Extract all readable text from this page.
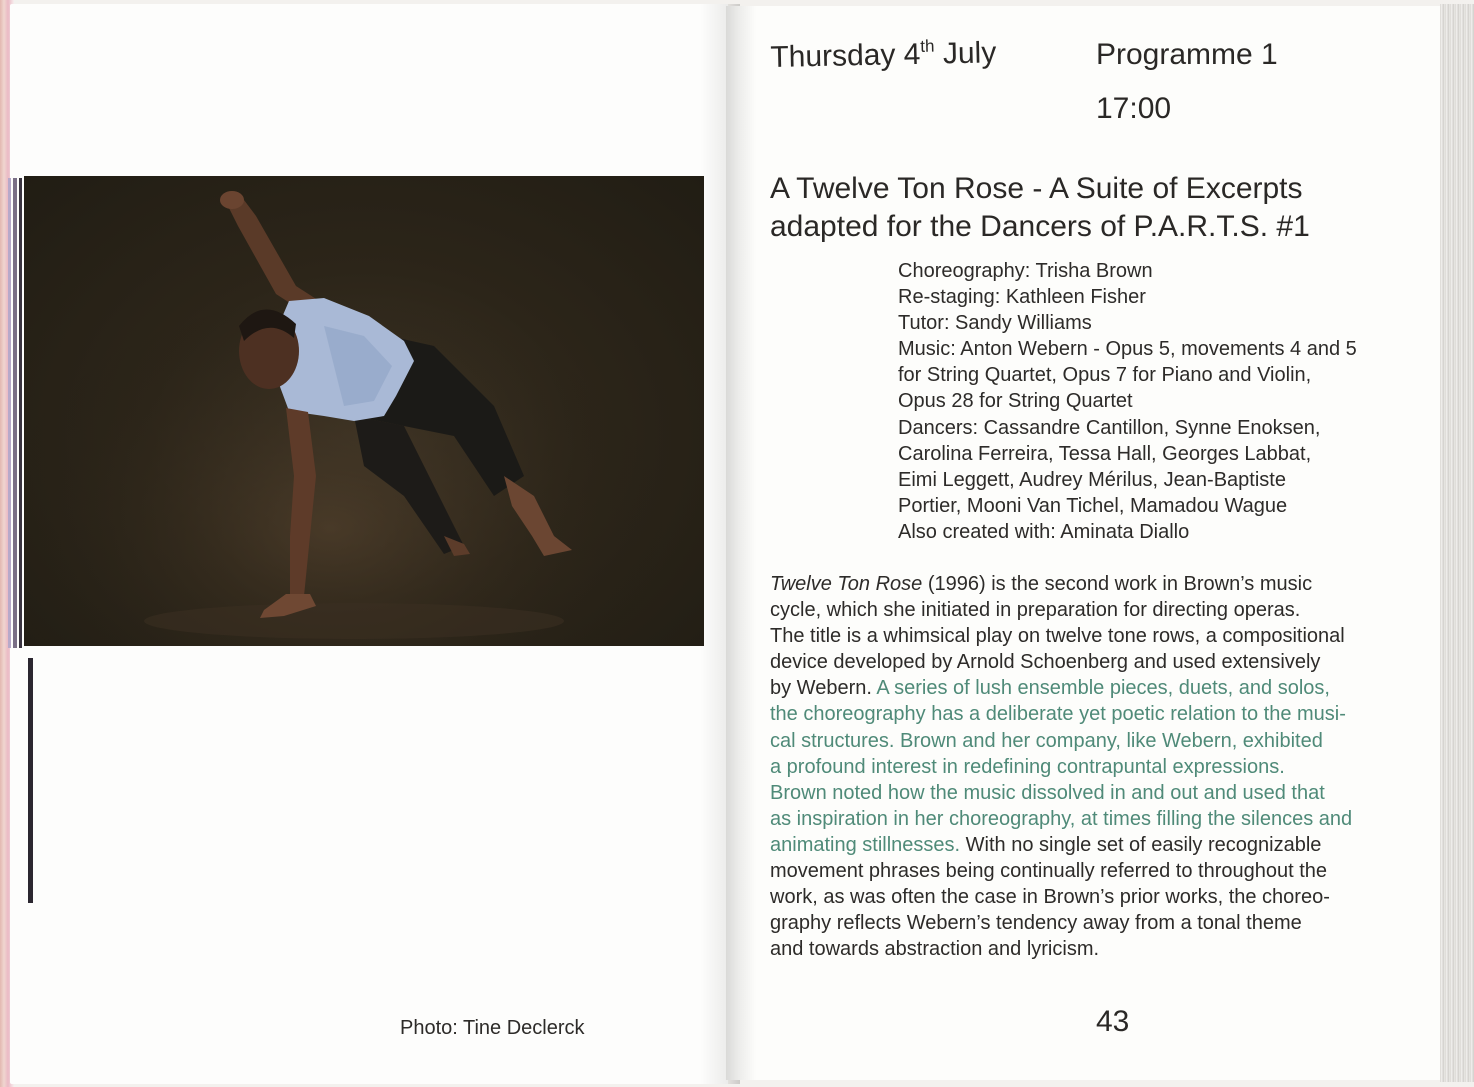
Photo: Tine Declerck
Thursday 4th July	Programme 1
17:00
A Twelve Ton Rose - A Suite of Excerpts
adapted for the Dancers of P.A.R.T.S. #1
Choreography: Trisha Brown
Re-staging: Kathleen Fisher
Tutor: Sandy Williams
Music: Anton Webern - Opus 5, movements 4 and 5
for String Quartet, Opus 7 for Piano and Violin,
Opus 28 for String Quartet
Dancers: Cassandre Cantillon, Synne Enoksen,
Carolina Ferreira, Tessa Hall, Georges Labbat,
Eimi Leggett, Audrey Mérilus, Jean-Baptiste
Portier, Mooni Van Tichel, Mamadou Wague
Also created with: Aminata Diallo
Twelve Ton Rose (1996) is the second work in Brown’s music
cycle, which she initiated in preparation for directing operas.
The title is a whimsical play on twelve tone rows, a compositional
device developed by Arnold Schoenberg and used extensively
by Webern. A series of lush ensemble pieces, duets, and solos,
the choreography has a deliberate yet poetic relation to the musi-
cal structures. Brown and her company, like Webern, exhibited
a profound interest in redefining contrapuntal expressions.
Brown noted how the music dissolved in and out and used that
as inspiration in her choreography, at times filling the silences and
animating stillnesses. With no single set of easily recognizable
movement phrases being continually referred to throughout the
work, as was often the case in Brown’s prior works, the choreo-
graphy reflects Webern’s tendency away from a tonal theme
and towards abstraction and lyricism.
43
